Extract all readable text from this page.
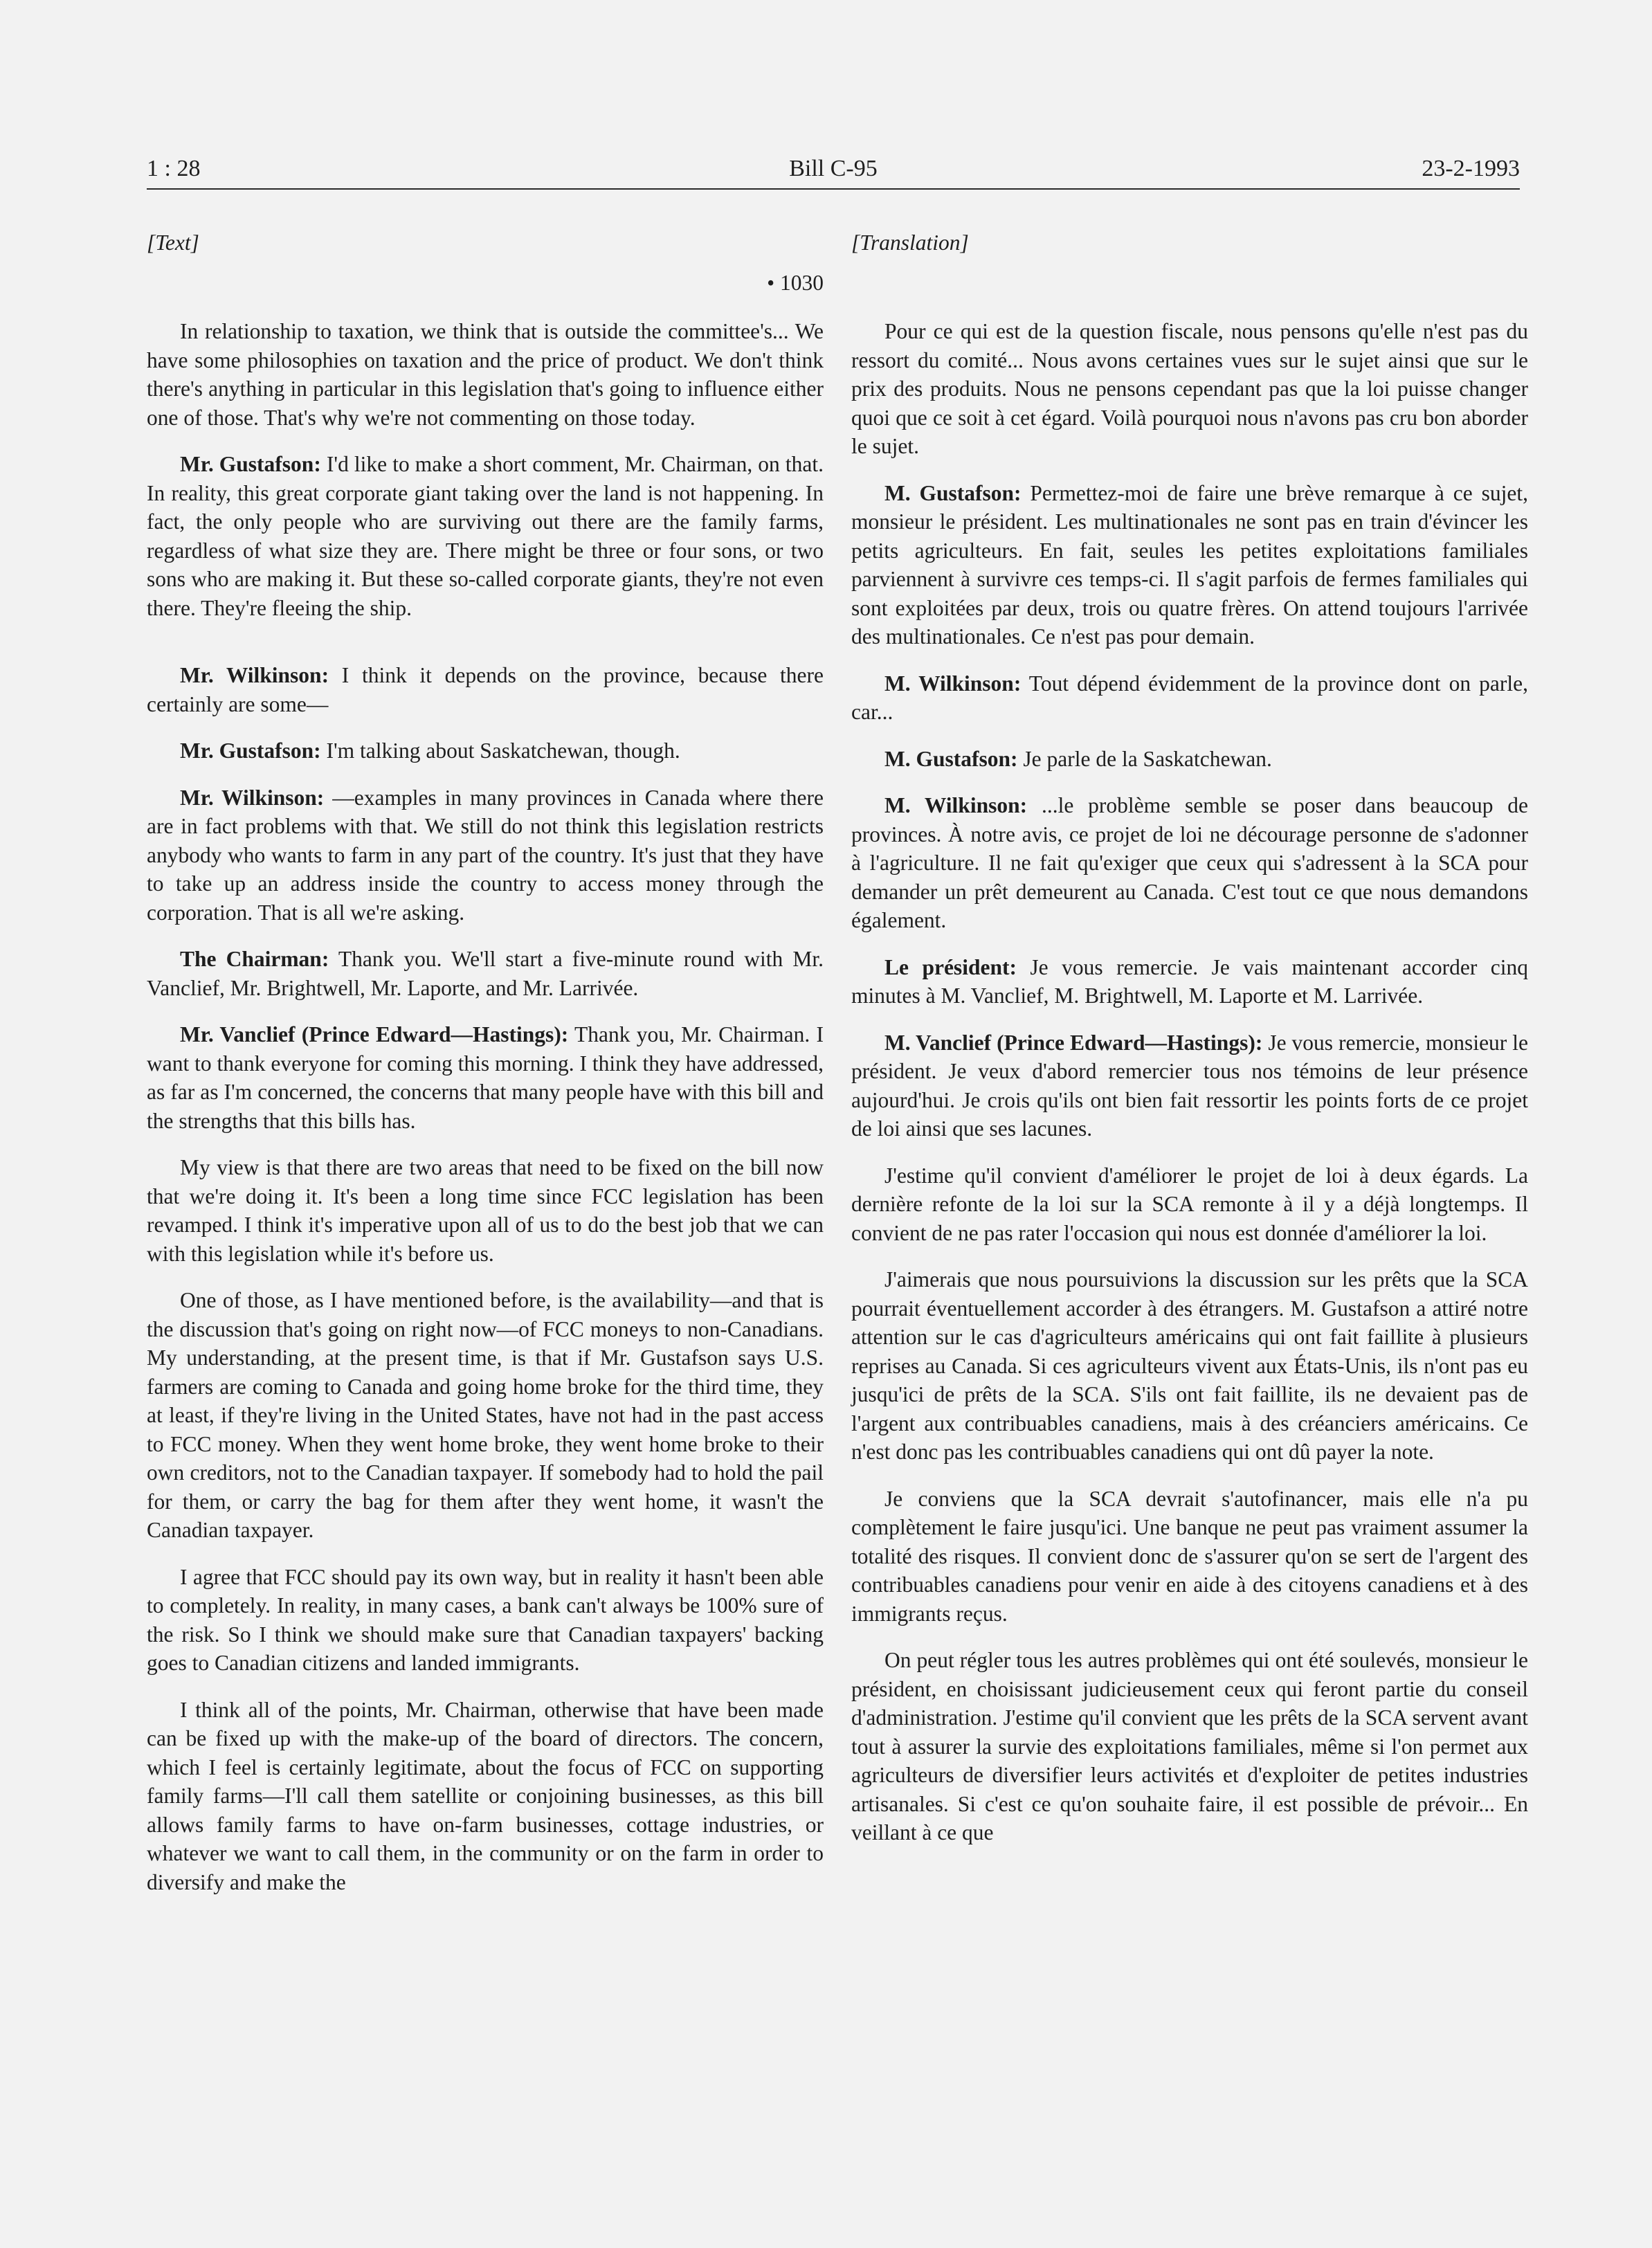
1 : 28	Bill C-95	23-2-1993
[Text]
• 1030

In relationship to taxation, we think that is outside the committee's... We have some philosophies on taxation and the price of product. We don't think there's anything in particular in this legislation that's going to influence either one of those. That's why we're not commenting on those today.

Mr. Gustafson: I'd like to make a short comment, Mr. Chairman, on that. In reality, this great corporate giant taking over the land is not happening. In fact, the only people who are surviving out there are the family farms, regardless of what size they are. There might be three or four sons, or two sons who are making it. But these so-called corporate giants, they're not even there. They're fleeing the ship.

Mr. Wilkinson: I think it depends on the province, because there certainly are some—

Mr. Gustafson: I'm talking about Saskatchewan, though.

Mr. Wilkinson: —examples in many provinces in Canada where there are in fact problems with that. We still do not think this legislation restricts anybody who wants to farm in any part of the country. It's just that they have to take up an address inside the country to access money through the corporation. That is all we're asking.

The Chairman: Thank you. We'll start a five-minute round with Mr. Vanclief, Mr. Brightwell, Mr. Laporte, and Mr. Larrivée.

Mr. Vanclief (Prince Edward—Hastings): Thank you, Mr. Chairman. I want to thank everyone for coming this morning. I think they have addressed, as far as I'm concerned, the concerns that many people have with this bill and the strengths that this bills has.

My view is that there are two areas that need to be fixed on the bill now that we're doing it. It's been a long time since FCC legislation has been revamped. I think it's imperative upon all of us to do the best job that we can with this legislation while it's before us.

One of those, as I have mentioned before, is the availability—and that is the discussion that's going on right now—of FCC moneys to non-Canadians. My understanding, at the present time, is that if Mr. Gustafson says U.S. farmers are coming to Canada and going home broke for the third time, they at least, if they're living in the United States, have not had in the past access to FCC money. When they went home broke, they went home broke to their own creditors, not to the Canadian taxpayer. If somebody had to hold the pail for them, or carry the bag for them after they went home, it wasn't the Canadian taxpayer.

I agree that FCC should pay its own way, but in reality it hasn't been able to completely. In reality, in many cases, a bank can't always be 100% sure of the risk. So I think we should make sure that Canadian taxpayers' backing goes to Canadian citizens and landed immigrants.

I think all of the points, Mr. Chairman, otherwise that have been made can be fixed up with the make-up of the board of directors. The concern, which I feel is certainly legitimate, about the focus of FCC on supporting family farms—I'll call them satellite or conjoining businesses, as this bill allows family farms to have on-farm businesses, cottage industries, or whatever we want to call them, in the community or on the farm in order to diversify and make the

[Translation]

Pour ce qui est de la question fiscale, nous pensons qu'elle n'est pas du ressort du comité... Nous avons certaines vues sur le sujet ainsi que sur le prix des produits. Nous ne pensons cependant pas que la loi puisse changer quoi que ce soit à cet égard. Voilà pourquoi nous n'avons pas cru bon aborder le sujet.

M. Gustafson: Permettez-moi de faire une brève remarque à ce sujet, monsieur le président. Les multinationales ne sont pas en train d'évincer les petits agriculteurs. En fait, seules les petites exploitations familiales parviennent à survivre ces temps-ci. Il s'agit parfois de fermes familiales qui sont exploitées par deux, trois ou quatre frères. On attend toujours l'arrivée des multinationales. Ce n'est pas pour demain.

M. Wilkinson: Tout dépend évidemment de la province dont on parle, car...

M. Gustafson: Je parle de la Saskatchewan.

M. Wilkinson: ...le problème semble se poser dans beaucoup de provinces. À notre avis, ce projet de loi ne décourage personne de s'adonner à l'agriculture. Il ne fait qu'exiger que ceux qui s'adressent à la SCA pour demander un prêt demeurent au Canada. C'est tout ce que nous demandons également.

Le président: Je vous remercie. Je vais maintenant accorder cinq minutes à M. Vanclief, M. Brightwell, M. Laporte et M. Larrivée.

M. Vanclief (Prince Edward—Hastings): Je vous remercie, monsieur le président. Je veux d'abord remercier tous nos témoins de leur présence aujourd'hui. Je crois qu'ils ont bien fait ressortir les points forts de ce projet de loi ainsi que ses lacunes.

J'estime qu'il convient d'améliorer le projet de loi à deux égards. La dernière refonte de la loi sur la SCA remonte à il y a déjà longtemps. Il convient de ne pas rater l'occasion qui nous est donnée d'améliorer la loi.

J'aimerais que nous poursuivions la discussion sur les prêts que la SCA pourrait éventuellement accorder à des étrangers. M. Gustafson a attiré notre attention sur le cas d'agriculteurs américains qui ont fait faillite à plusieurs reprises au Canada. Si ces agriculteurs vivent aux États-Unis, ils n'ont pas eu jusqu'ici de prêts de la SCA. S'ils ont fait faillite, ils ne devaient pas de l'argent aux contribuables canadiens, mais à des créanciers américains. Ce n'est donc pas les contribuables canadiens qui ont dû payer la note.

Je conviens que la SCA devrait s'autofinancer, mais elle n'a pu complètement le faire jusqu'ici. Une banque ne peut pas vraiment assumer la totalité des risques. Il convient donc de s'assurer qu'on se sert de l'argent des contribuables canadiens pour venir en aide à des citoyens canadiens et à des immigrants reçus.

On peut régler tous les autres problèmes qui ont été soulevés, monsieur le président, en choisissant judicieusement ceux qui feront partie du conseil d'administration. J'estime qu'il convient que les prêts de la SCA servent avant tout à assurer la survie des exploitations familiales, même si l'on permet aux agriculteurs de diversifier leurs activités et d'exploiter de petites industries artisanales. Si c'est ce qu'on souhaite faire, il est possible de prévoir... En veillant à ce que
